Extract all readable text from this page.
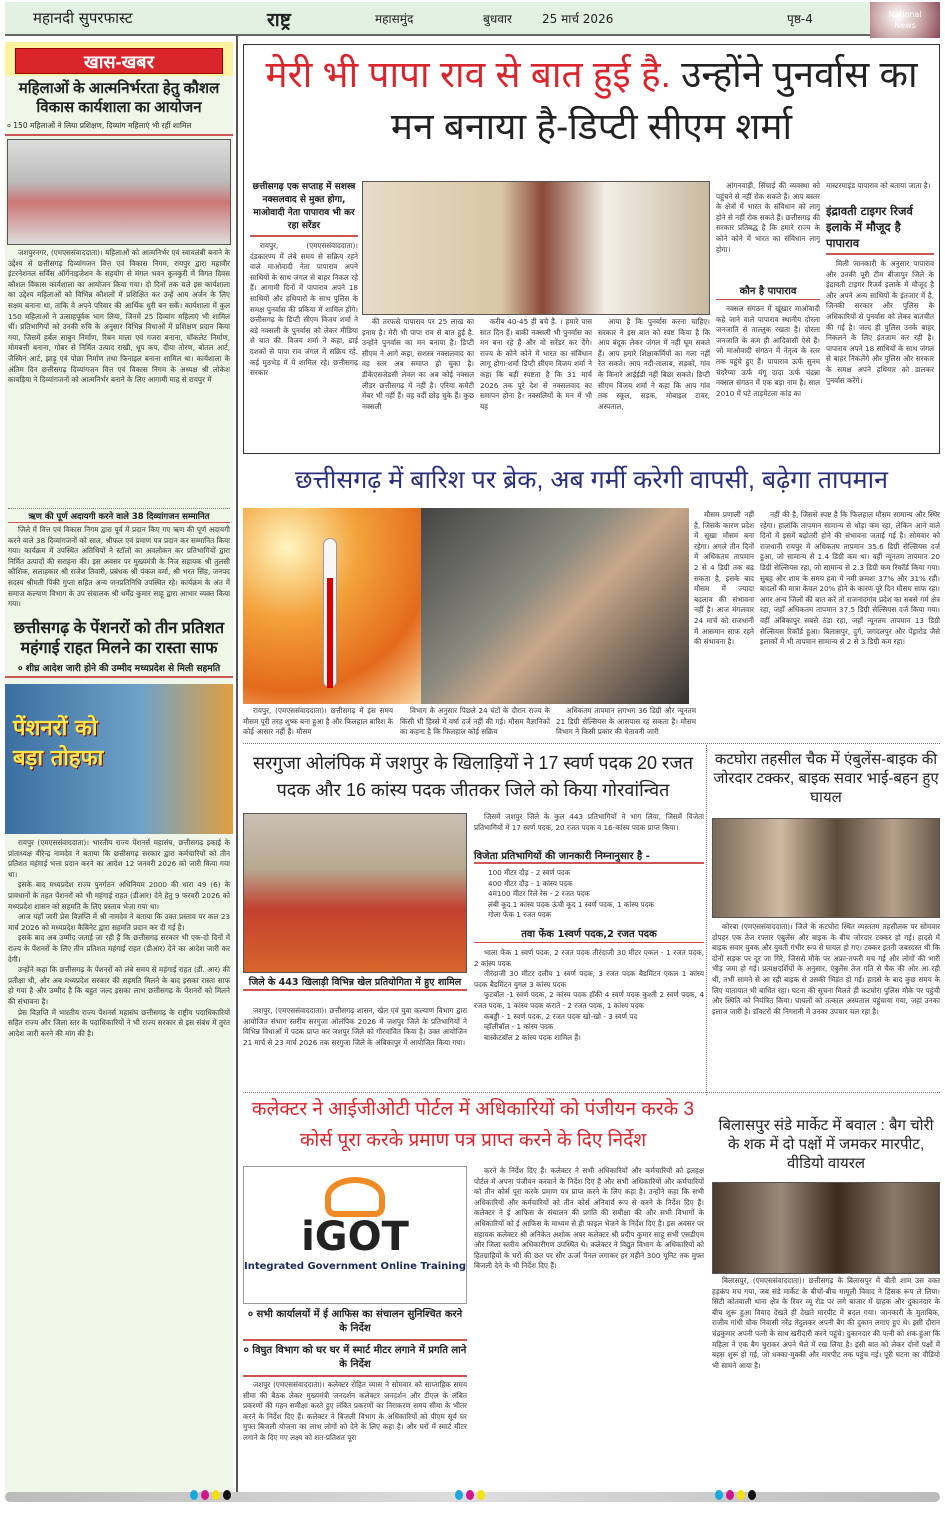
महानदी सुपरफास्ट	राष्ट्र	महासमुंद	बुधवार	25 मार्च 2026	पृष्ठ-4	National
News
खास-खबर
महिलाओं के आत्मनिर्भरता हेतु कौशल विकास कार्यशाला का आयोजन
० 150 महिलाओं ने लिया प्रशिक्षण, दिव्यांग महिलाएं भी रहीं शामिल

जशपुरनगर, (एमएससंवाददाता)। महिलाओं को आत्मनिर्भर एवं स्वावलंबी बनाने के उद्देश्य से छत्तीसगढ़ दिव्यांगजन वित्त एवं विकास निगम, रायपुर द्वारा महावीर इंटरनेशनल सर्विस ऑर्गेनाइजेशन के सहयोग से मंगल भवन कुनकुरी में विगत दिवस कौशल विकास कार्यशाला का आयोजन किया गया। दो दिनों तक चले इस कार्यशाला का उद्देश्य महिलाओं को विभिन्न कौशलों में प्रशिक्षित कर उन्हें आय अर्जन के लिए सक्षम बनाना था, ताकि वे अपने परिवार की आर्थिक धुरी बन सकें। कार्यशाला में कुल 150 महिलाओं ने उत्साहपूर्वक भाग लिया, जिनमें 25 दिव्यांग महिलाएं भी शामिल थीं। प्रतिभागियों को उनकी रुचि के अनुसार विभिन्न विधाओं में प्रशिक्षण प्रदान किया गया, जिसमें हर्बल साबुन निर्माण, रिबन माला एवं गजरा बनाना, चॉकलेट निर्माण, मोमबत्ती बनाना, गोबर से निर्मित उत्पाद राखी, धूप कप, दीया तोरण, बोतल आर्ट, जैस्मिन आर्ट, झाड़ू एवं पोछा निर्माण तथा फिनाइल बनाना शामिल था। कार्यशाला के अंतिम दिन छत्तीसगढ़ दिव्यांगजन वित्त एवं विकास निगम के अध्यक्ष श्री लोकेश कावड़िया ने दिव्यांगजनों को आत्मनिर्भर बनाने के लिए आगामी माह से रायपुर में

ऋण की पूर्ण अदायगी करने वाले 38 दिव्यांगजन सम्मानित

जिले में वित्त एवं विकास निगम द्वारा पूर्व में प्रदान किए गए ऋण की पूर्ण अदायगी करने वाले 38 दिव्यांगजनों को साल, श्रीफल एवं प्रमाण पत्र प्रदान कर सम्मानित किया गया। कार्यक्रम में उपस्थित अतिथियों ने स्टॉलों का अवलोकन कर प्रतिभागियों द्वारा निर्मित उत्पादों की सराहना की। इस अवसर पर मुख्यमंत्री के निज सहायक श्री तुलसी कौशिक, सलाहकार श्री राजेश तिवारी, प्रबंधक श्री पंकज वर्मा, श्री भरत सिंह, जनपद सदस्य श्रीमती पिंकी गुप्ता सहित अन्य जनप्रतिनिधि उपस्थित रहे। कार्यक्रम के अंत में समाज कल्याण विभाग के उप संचालक श्री धर्मेंद्र कुमार साहू द्वारा आभार व्यक्त किया गया।

छत्तीसगढ़ के पेंशनरों को तीन प्रतिशत महंगाई राहत मिलने का रास्ता साफ
० शीघ्र आदेश जारी होने की उम्मीद मध्यप्रदेश से मिली सहमति
पेंशनरों को बड़ा तोहफा

रायपुर (एमएससंवाददाता)। भारतीय राज्य पेंशनर्स महासंघ, छत्तीसगढ़ इकाई के प्रांताध्यक्ष वीरेन्द्र नामदेव ने बताया कि छत्तीसगढ़ सरकार द्वारा कर्मचारियों को तीन प्रतिशत महंगाई भत्ता प्रदान करने का आदेश 12 जनवरी 2026 को जारी किया गया था।

इसके बाद मध्यप्रदेश राज्य पुनर्गठन अधिनियम 2000 की धारा 49 (6) के प्रावधानों के तहत पेंशनरों को भी महंगाई राहत (डीआर) देने हेतु 9 फरवरी 2026 को मध्यप्रदेश शासन को सहमति के लिए प्रस्ताव भेजा गया था।

आज यहाँ जारी प्रेस विज्ञप्ति में श्री नामदेव ने बताया कि उक्त प्रस्ताव पर कल 23 मार्च 2026 को मध्यप्रदेश कैबिनेट द्वारा सहमति प्रदान कर दी गई है।

इसके बाद अब उम्मीद जताई जा रही है कि छत्तीसगढ़ सरकार भी एक-दो दिनों में राज्य के पेंशनरों के लिए तीन प्रतिशत महंगाई राहत (डीआर) देने का आदेश जारी कर देगी।

उन्होंने कहा कि छत्तीसगढ़ के पेंशनरों को लंबे समय से महंगाई राहत (डी. आर) की प्रतीक्षा थी, और अब मध्यप्रदेश सरकार की सहमति मिलने के बाद इसका रास्ता साफ हो गया है और उम्मीद है कि बहुत जल्द इसका लाभ छत्तीसगढ़ के पेंशनरों को मिलने की संभावना है।

प्रेस विज्ञप्ति में भारतीय राज्य पेंशनर्स महासंघ छत्तीसगढ़ के राष्ट्रीय पदाधिकारियों सहित राज्य और जिला स्तर के पदाधिकारियों ने भी राज्य सरकार से इस संबंध में तुरंत आदेश जारी करने की मांग की है।

मेरी भी पापा राव से बात हुई है. उन्होंने पुनर्वास का मन बनाया है-डिप्टी सीएम शर्मा
छत्तीसगढ़ एक सप्ताह में सशस्त्र नक्सलवाद से मुक्त होगा, माओवादी नेता पापाराव भी कर रहा सरेंडर

रायपुर, (एमएससंवाददाता)। दंडकारण्य में लंबे समय से सक्रिय रहने वाले माओवादी नेता पापाराव अपने साथियों के साथ जंगल से बाहर निकल रहे हैं। आगामी दिनों में पापाराव अपने 18 साथियों और हथियारों के साथ पुलिस के समक्ष पुनर्वास की प्रकिया में शामिल होंगे। छत्तीसगढ़ के डिप्टी सीएम विजय शर्मा ने बड़े नक्सली के पुनर्वास को लेकर मीडिया से बात की. विजय शर्मा ने कहा, ढाई दशकों से पापा राव जंगल में सक्रिय रहे. कई मुठभेड़ में ये शामिल रहे। छत्तीसगढ़ सरकार

की तरफसे पापाराव पर 25 लाख का इनाम है। मेरी भी पापा राव से बात हुई है. उन्होंने पुनर्वास का मन बनाया है। डिप्टी सीएम ने आगे कहा, सशस्त्र नक्सलवाद का वह स्तर अब समाप्त हो चुका है। डीकेएसजेडसी लेवल का अब कोई नक्सल लीडर छत्तीसगढ़ में नहीं है। एरिया कमेटी मेंबर भी नहीं हैं। वह वर्दी छोड़ चुके हैं। कुछ नक्सली

करीब 40-45 ही बचे हैं. । हमारे पास सात दिन हैं। बाकी नक्सली भी पुनर्वास का मन बना रहे हैं और वो सरेंडर कर देंगे। राज्य के कोने कोने में भारत का संविधान लागू होगा-शर्मा डिप्टी सीएम विजय शर्मा ने कहा कि बड़ी स्पष्टता है कि 31 मार्च 2026 तक पूरे देश से नक्सलवाद का समापन होना है। नक्सलियों के मन में भी यह

आया है कि पुनर्वास करना चाहिए। सरकार ने इस बात को स्पष्ट किया है कि आप बंदूक लेकर जंगल में नहीं घूम सकते हैं। आप हमारे शिक्षाकर्मियों का गला नहीं रेत सकते। आप नदी-तालाब, सड़कों, गांव के किनारे आईईडी नहीं बिछा सकते। डिप्टी सीएम विजय शर्मा ने कहा कि आप गांव तक स्कूल, सड़क, मोबाइल टावर, अस्पताल,

आंगनवाड़ी, सिंचाई की व्यवस्था को पहुंचने से नहीं रोक सकते हैं। आप बस्तर के क्षेत्रों में भारत के संविधान को लागू होने से नहीं रोक सकते हैं। छत्तीसगढ़ की सरकार प्रतिबद्ध है कि हमारे राज्य के कोने कोने में भारत का संविधान लागू होगा।

कौन है पापाराव

नक्सल संगठन में खूंखार माओवादी कहे जाने वाले पापाराव स्थानीय दोरला जनजाति से ताल्लुक रखता है। दोरला जनजाति के कम ही आदिवासी ऐसे हैं। जो माओवादी संगठन में नेतृत्व के स्तर तक पहुंचे हुए हैं। पापाराव ऊर्फ सुनम चंदरैय्या ऊर्फ मंगू दादा ऊर्फ चंद्रन्ना नक्सल संगठन में एक बड़ा नाम है। साल 2010 में घटे ताड़मेटला कांड का

मास्टरमाइंड पापाराव को बताया जाता है।
इंद्रावती टाइगर रिजर्व इलाके में मौजूद है पापाराव

मिली जानकारी के अनुसार पापाराव और उनकी पूरी टीम बीजापुर जिले के इंद्रावती टाइगर रिजर्व इलाके में मौजूद है और अपने अन्य साथियों के इंतजार में है, जिनकी सरकार और पुलिस के अधिकारियों से पुनर्वास को लेकर बातचीत की गई है। जल्द ही पुलिस उनके बाहर निकलने के लिए इंतजाम कर रही है। पापाराव अपने 18 साथियों के साथ जंगल से बाहर निकलेंगे और पुलिस और सरकार के समक्ष अपने हथियार को डालकर पुनर्वास करेंगे।

छत्तीसगढ़ में बारिश पर ब्रेक, अब गर्मी करेगी वापसी, बढ़ेगा तापमान

मौसम प्रणाली नहीं है, जिसके कारण प्रदेश में सूखा मौसम बना रहेगा। अगले तीन दिनों में अधिकतम तापमान 2 से 4 डिग्री तक बढ़ सकता है, इसके बाद मौसम में ज्यादा बदलाव की संभावना नहीं है। आज मंगलवार 24 मार्च को राजधानी में आसमान साफ रहने की संभावना है।

नहीं की है, जिससे स्पष्ट है कि फिलहाल मौसम सामान्य और स्थिर रहेगा। हालांकि तापमान सामान्य से थोड़ा कम रहा, लेकिन आने वाले दिनों में इसमें बढ़ोतरी होने की संभावना जताई गई है। सोमवार को राजधानी रायपुर में अधिकतम तापमान 35.6 डिग्री सेल्सियस दर्ज हुआ, जो सामान्य से 1.4 डिग्री कम था। वहीं न्यूनतम तापमान 20 डिग्री सेल्सियस रहा, जो सामान्य से 2.3 डिग्री कम रिकॉर्ड किया गया। सुबह और शाम के समय हवा में नमी क्रमशः 37% और 31% रही। बादलों की मात्रा केवल 20% होने के कारण पूरे दिन मौसम साफ रहा। अगर अन्य जिलों की बात करें तो राजनांदगांव प्रदेश का सबसे गर्म क्षेत्र रहा, जहाँ अधिकतम तापमान 37.5 डिग्री सेल्सियस दर्ज किया गया। वहीं अंबिकापुर सबसे ठंडा रहा, जहाँ न्यूनतम तापमान 13 डिग्री सेल्सियस रिकॉर्ड हुआ। बिलासपुर, दुर्ग, जगदलपुर और पेंड्रारोड जैसे इलाकों में भी तापमान सामान्य से 2 से 3 डिग्री कम रहा।

रायपुर, (एमएससंवाददाता)। छत्तीसगढ़ में इस समय मौसम पूरी तरह शुष्क बना हुआ है और फिलहाल बारिश के कोई आसार नहीं हैं। मौसम

विभाग के अनुसार पिछले 24 घंटों के दौरान राज्य के किसी भी हिस्से में वर्षा दर्ज नहीं की गई। मौसम वैज्ञानिकों का कहना है कि फिलहाल कोई सक्रिय

अधिकतम तापमान लगभग 36 डिग्री और न्यूनतम 21 डिग्री सेल्सियस के आसपास रह सकता है। मौसम विभाग ने किसी प्रकार की चेतावनी जारी

सरगुजा ओलंपिक में जशपुर के खिलाड़ियों ने 17 स्वर्ण पदक 20 रजत पदक और 16 कांस्य पदक जीतकर जिले को किया गोरवांन्वित
जिले के 443 खिलाड़ी विभिन्न खेल प्रतियोगिता में हुए शामिल

जशपुर, (एमएससंवाददाता)। छत्तीसगढ़ शासन, खेल एवं युवा कल्याण विभाग द्वारा आयोजित संभाग स्तरीय सरगुजा ओलंपिक 2026 में जशपुर जिले के प्रतिभागियों ने विभिन्न विधाओं में पदक प्राप्त कर जशपुर जिले को गौरवांवित किया है। उक्त आयोजिन 21 मार्च से 23 मार्च 2026 तक सरगुजा जिले के अंबिकापुर में आयोजित किया गया।

जिसमें जशपुर जिले के कुल 443 प्रतिभागियों ने भाग लिया, जिसमें विजेता प्रतिभागियों में 17 स्वर्ण पदक, 20 रजत पदक व 16-कांस्य पदक प्राप्त किया।

विजेता प्रतिभागियों की जानकारी निम्नानुसार है -
100 मीटर दौड़ - 2 स्वर्ण पदक
400 मीटर दौड़ - 1 कांस्य पदक
4म100 मीटर रिले रेस - 2 रजत पदक
लंबी कूद 1 कांस्य पदक ऊंची कूद 1 स्वर्ण पदक, 1 कांस्य पदक
गोला फेंक 1 रजत पदक
तवा फेंक 1स्वर्ण पदक,2 रजत पदक

भाला फेंक 1 स्वर्ण पदक, 2 रजत पदक तीरंदाजी 30 मीटर एकल - 1 रजत पदक, 2 कांस्य पदक

तीरंदाजी 30 मीटर दलीय 1 स्वर्ण पदक, 3 रजत पदक बैडमिंटन एकल 1 कांस्य पदक बैडमिंटन युगल 3 कांस्य पदक

फुटबॉल -1 स्वर्ण पदक, 2 कांस्य पदक हॉकी 4 स्वर्ण पदक कुश्ती 2 स्वर्ण पदक, 4 रजत पदक, 1 कांस्य पदक कराते - 2 रजत पदक, 1 कांस्य पदक

कबड्डी - 1 स्वर्ण पदक, 2 रजत पदक खो-खो - 3 स्वर्ण पद

व्हॉलीबॉल - 1 कांस्य पदक

बास्केटबॉल 2 कांस्य पदक शामिल हैं।

कटघोरा तहसील चैक में एंबुलेंस-बाइक की जोरदार टक्कर, बाइक सवार भाई-बहन हुए घायल

कोरबा (एमएससंवाददाता)। जिले के कटघोरा स्थित व्यस्ततम तहसीलक पर सोमवार दोपहर एक तेज रफ्तार एंबुलेंस और बाइक के बीच जोरदार टक्कर हो गई। हादसे में बाइक सवार युवक और युवती गंभीर रूप से घायल हो गए। टक्कर इतनी जबरदस्त थी कि दोनों सड़क पर दूर जा गिरे, जिससे मौके पर अफ्रा-तफरी मच गई और लोगों की भारी भीड़ जमा हो गई। प्रत्यक्षदर्शियों के अनुसार, एंबुलेंस तेज गति से चैक की ओर आ रही थी, तभी सामने से आ रही बाइक से उसकी भिड़ंत हो गई। हादसे के बाद कुछ समय के लिए यातायात भी बाधित रहा। घटना की सूचना मिलते ही कटघोरा पुलिस मौके पर पहुंची और स्थिति को नियंत्रित किया। घायलों को तत्काल अस्पताल पहुंचाया गया, जहां उनका इलाज जारी है। डॉक्टरों की निगरानी में उनका उपचार चल रहा है।

कलेक्टर ने आईजीओटी पोर्टल में अधिकारियों को पंजीयन करके 3 कोर्स पूरा करके प्रमाण पत्र प्राप्त करने के दिए निर्देश
iGOT
Integrated Government Online Training
० सभी कार्यालयों में ई आफिस का संचालन सुनिश्चित करने के निर्देश
० विघुत विभाग को घर घर में स्मार्ट मीटर लगाने में प्रगति लाने के निर्देश

जशपुर (एमएससंवाददाता)। कलेक्टर रोहित व्यास ने सोमवार को साप्ताहिक समय सीमा की बैठक लेकर मुख्यमंत्री जनदर्शन कलेक्टर जनदर्शन और टीएल के लंबित प्रकरणों की गहन समीक्षा करते हुए लंबित प्रकरणों का निराकरण समय सीमा के भीतर करने के निर्देश दिए हैं। कलेक्टर ने बिजली विभाग के अधिकारियों को पीएम सूर्य घर मुफ्त बिजली योजना का लाभ लोगों को देने के लिए कहा है। और घरों में स्मार्ट मीटर लगाने के दिए गए लक्ष्य को शत-प्रतिशत पूरा

करने के निर्देश दिए हैं। कलेक्टर ने सभी अधिकारियों और कर्मचारियों को इलहक्ष पोर्टल में अपना पंजीयन करवाने के निर्देश दिए हैं और सभी अधिकारियों और कर्मचारियों को तीन कोर्स पूरा करके प्रमाण पत्र प्राप्त करने के लिए कहा है। उन्होंने कहा कि सभी अधिकारियों और कर्मचारियों को तीन कोर्स अनिवार्य रूप से करने के निर्देश दिए हैं। कलेक्टर ने ई आफिस के संचालन की प्रगति की समीक्षा की और सभी विभागों के अधिकारियों को ई आफिस के माध्यम से ही फाइल भेजने के निर्देश दिए हैं। इस अवसर पर सहायक कलेक्टर श्री अनिकेत अशोक अपर कलेक्टर श्री प्रदीप कुमार साहू सभी एसडीएम और जिला स्तरीय अधिकारीगण उपस्थित थे। कलेक्टर ने विद्युत विभाग के अधिकारियों को हितग्राहियों के घरों की छत पर सौर ऊर्जा पैनल लगाकर हर महीने 300 यूनिट तक मुफ्त बिजली देने के भी निर्देश दिए हैं।

बिलासपुर संडे मार्केट में बवाल : बैग चोरी के शक में दो पक्षों में जमकर मारपीट, वीडियो वायरल

बिलासपुर, (एमएससंवाददाता)। छत्तीसगढ़ के बिलासपुर में बीती शाम उस वक्त हड़कंप मच गया, जब संडे मार्केट के बीचों-बीच मामूली विवाद ने हिंसक रूप ले लिया। सिटी कोतवाली थाना क्षेत्र के रिवर व्यू रोड पर लगे बाजार में ग्राहक और दुकानदार के बीच शुरू हुआ विवाद देखते ही देखते मारपीट में बदल गया। जानकारी के मुताबिक, राजीव गांधी चौक निवासी नरेंद्र तेंदुलकर अपनी बैग की दुकान लगाए हुए थे। इसी दौरान चंद्रकुमार अपनी पत्नी के साथ खरीदारी करने पहुंचे। दुकानदार की पत्नी को शक हुआ कि महिला ने एक बैग चुराकर अपने थैले में रख लिया है। इसी बात को लेकर दोनों पक्षों में बहस शुरू हो गई, जो धक्का-मुक्की और मारपीट तक पहुंच गई। पूरी घटना का वीडियो भी सामने आया है।
